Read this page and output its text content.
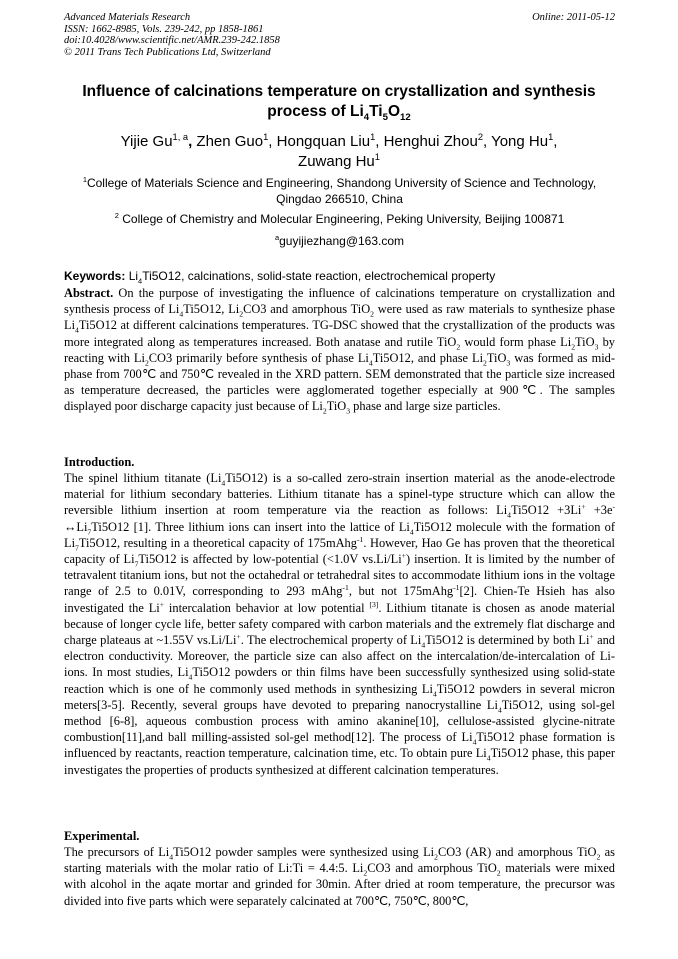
Advanced Materials Research
ISSN: 1662-8985, Vols. 239-242, pp 1858-1861
doi:10.4028/www.scientific.net/AMR.239-242.1858
© 2011 Trans Tech Publications Ltd, Switzerland
Online: 2011-05-12
Influence of calcinations temperature on crystallization and synthesis
process of $Li_4Ti_5O_{12}$
Yijie Gu$^{1, a}$, Zhen Guo$^1$, Hongquan Liu$^1$, Henghui Zhou$^2$, Yong Hu$^1$,
Zuwang Hu$^1$
$^1$College of Materials Science and Engineering, Shandong University of Science and Technology,
Qingdao 266510, China
$^2$ College of Chemistry and Molecular Engineering, Peking University, Beijing 100871
$^a$guyijiezhang@163.com
Keywords: $Li_4Ti5O12$, calcinations, solid-state reaction, electrochemical property

Abstract. On the purpose of investigating the influence of calcinations temperature on crystallization and synthesis process of $Li_4Ti5O12$, $Li_2CO3$ and amorphous TiO$_2$ were used as raw materials to synthesize phase $Li_4Ti5O12$ at different calcinations temperatures. TG-DSC showed that the crystallization of the products was more integrated along as temperatures increased. Both anatase and rutile TiO$_2$ would form phase $Li_2TiO_3$ by reacting with $Li_2CO3$ primarily before synthesis of phase $Li_4Ti5O12$, and phase $Li_2TiO_3$ was formed as mid-phase from 700℃ and 750℃ revealed in the XRD pattern. SEM demonstrated that the particle size increased as temperature decreased, the particles were agglomerated together especially at 900℃. The samples displayed poor discharge capacity just because of $Li_2TiO_3$ phase and large size particles.

Introduction.

The spinel lithium titanate $(Li_4Ti5O12)$ is a so-called zero-strain insertion material as the anode-electrode material for lithium secondary batteries. Lithium titanate has a spinel-type structure which can allow the reversible lithium insertion at room temperature via the reaction as follows: $Li_4Ti5O12 +3Li^+ +3e^-$ $\leftrightarrow Li_7Ti5O12$ [1]. Three lithium ions can insert into the lattice of $Li_4Ti5O12$ molecule with the formation of $Li_7Ti5O12$, resulting in a theoretical capacity of 175mAhg$^{-1}$. However, Hao Ge has proven that the theoretical capacity of $Li_7Ti5O12$ is affected by low-potential (<1.0V vs.Li/Li+) insertion. It is limited by the number of tetravalent titanium ions, but not the octahedral or tetrahedral sites to accommodate lithium ions in the voltage range of 2.5 to 0.01V, corresponding to 293 mAhg$^{-1}$, but not 175mAhg$^{-1}$[2]. Chien-Te Hsieh has also investigated the Li+ intercalation behavior at low potential [3]. Lithium titanate is chosen as anode material because of longer cycle life, better safety compared with carbon materials and the extremely flat discharge and charge plateaus at ~1.55V vs.Li/Li+. The electrochemical property of $Li_4Ti5O12$ is determined by both Li+ and electron conductivity. Moreover, the particle size can also affect on the intercalation/de-intercalation of Li-ions. In most studies, $Li_4Ti5O12$ powders or thin films have been successfully synthesized using solid-state reaction which is one of he commonly used methods in synthesizing $Li_4Ti5O12$ powders in several micron meters[3-5]. Recently, several groups have devoted to preparing nanocrystalline $Li_4Ti5O12$, using sol-gel method [6-8], aqueous combustion process with amino akanine[10], cellulose-assisted glycine-nitrate combustion[11],and ball milling-assisted sol-gel method[12]. The process of $Li_4Ti5O12$ phase formation is influenced by reactants, reaction temperature, calcination time, etc. To obtain pure $Li_4Ti5O12$ phase, this paper investigates the properties of products synthesized at different calcination temperatures.

Experimental.

The precursors of $Li_4Ti5O12$ powder samples were synthesized using $Li_2CO3$ (AR) and amorphous TiO$_2$ as starting materials with the molar ratio of Li:Ti = 4.4:5. $Li_2CO3$ and amorphous TiO$_2$ materials were mixed with alcohol in the aqate mortar and grinded for 30min. After dried at room temperature, the precursor was divided into five parts which were separately calcinated at 700℃, 750℃, 800℃,
